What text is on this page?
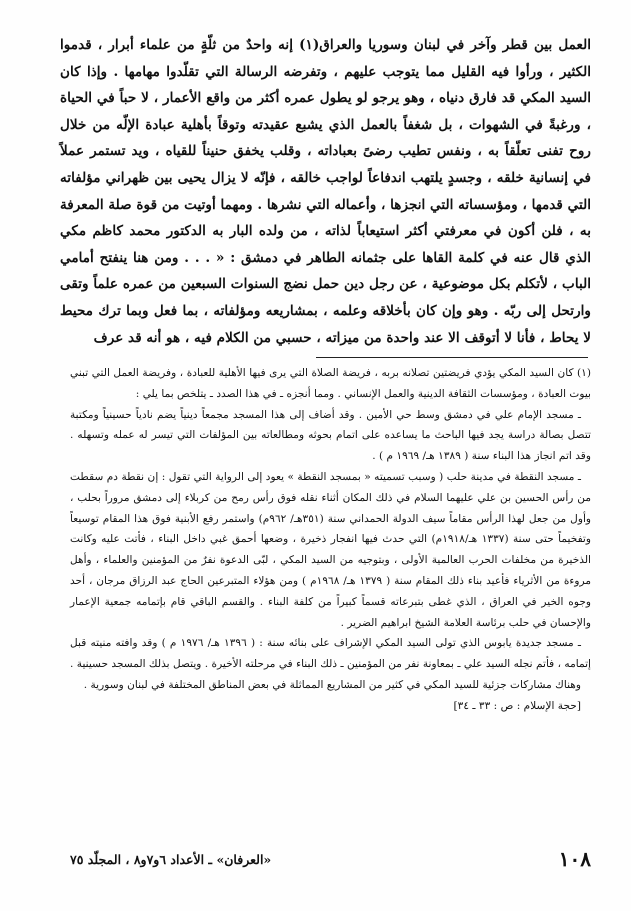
العمل بين قطر وآخر في لبنان وسوريا والعراق(١) إنه واحدٌ من ثلّةٍ من علماء أبرار ، قدموا الكثير ، ورأوا فيه القليل مما يتوجب عليهم ، وتفرضه الرسالة التي تقلّدوا مهامها . وإذا كان السيد المكي قد فارق دنياه ، وهو يرجو لو يطول عمره أكثر من واقع الأعمار ، لا حباً في الحياة ، ورغبةً في الشهوات ، بل شغفاً بالعمل الذي يشبع عقيدته وتوقاً بأهلية عبادة الإلّه من خلال روح تفنى تعلّقاً به ، ونفس تطيب رضىً بعباداته ، وقلب يخفق حنيناً للقياه ، ويد تستمر عملاً في إنسانية خلقه ، وجسدٍ يلتهب اندفاعاً لواجب خالقه ، فإنّه لا يزال يحيى بين ظهراني مؤلفاته التي قدمها ، ومؤسساته التي انجزها ، وأعماله التي نشرها . ومهما أوتيت من قوة صلة المعرفة به ، فلن أكون في معرفتي أكثر استيعاباً لذاته ، من ولده البار به الدكتور محمد كاظم مكي الذي قال عنه في كلمة القاها على جثمانه الطاهر في دمشق : « . . . ومن هنا ينفتح أمامي الباب ، لأتكلم بكل موضوعية ، عن رجل دين حمل نضج السنوات السبعين من عمره علماً وتقى وارتحل إلى ربّه . وهو وإن كان بأخلاقه وعلمه ، بمشاريعه ومؤلفاته ، بما فعل وبما ترك محيط لا يحاط ، فأنا لا أتوقف الا عند واحدة من ميزاته ، حسبي من الكلام فيه ، هو أنه قد عرف

(١) كان السيد المكي يؤدي فريضتين تصلانه بربه ، فريضة الصلاة التي يرى فيها الأهلية للعبادة ، وفريضة العمل التي تبني بيوت العبادة ، ومؤسسات الثقافة الدينية والعمل الإنساني . ومما أنجزه ـ في هذا الصدد ـ يتلخص بما يلي :

ـ مسجد الإمام علي في دمشق وسط حي الأمين . وقد أضاف إلى هذا المسجد مجمعاً دينياً يضم نادياً حسينياً ومكتبة تتصل بصالة دراسة يجد فيها الباحث ما يساعده على اتمام بحوثه ومطالعاته بين المؤلفات التي تيسر له عمله وتسهله . وقد اتم انجاز هذا البناء سنة ( ١٣٨٩ هـ/ ١٩٦٩ م ) .

ـ مسجد النقطة في مدينة حلب ( وسبب تسميته « بمسجد النقطة » يعود إلى الرواية التي تقول : إن نقطة دم سقطت من رأس الحسين بن علي عليهما السلام في ذلك المكان أثناء نقله فوق رأس رمح من كربلاء إلى دمشق مروراً بحلب ، وأول من جعل لهذا الرأس مقاماً سيف الدولة الحمداني سنة (٣٥١هـ/ ٩٦٢م) واستمر رفع الأبنية فوق هذا المقام توسيعاً وتفخيماً حتى سنة (١٣٣٧ هـ/١٩١٨م) التي حدث فيها انفجار ذخيرة ، وضعها أحمق غبي داخل البناء ، فأتت عليه وكانت الذخيرة من مخلفات الحرب العالمية الأولى ، وبتوجيه من السيد المكي ، لبّى الدعوة نفرٌ من المؤمنين والعلماء ، وأهل مروءة من الأثرياء فأعيد بناء ذلك المقام سنة ( ١٣٧٩ هـ/ ١٩٦٨م ) ومن هؤلاء المتبرعين الحاج عبد الرزاق مرجان ، أحد وجوه الخير في العراق ، الذي غطى بتبرعاته قسماً كبيراً من كلفة البناء . والقسم الباقي قام بإتمامه جمعية الإعمار والإحسان في حلب برئاسة العلامة الشيخ ابراهيم الضرير .

ـ مسجد جديدة يابوس الذي تولى السيد المكي الإشراف على بنائه سنة : ( ١٣٩٦ هـ/ ١٩٧٦ م ) وقد وافته منيته قبل إتمامه ، فأتم نجله السيد علي ـ بمعاونة نفر من المؤمنين ـ ذلك البناء في مرحلته الأخيرة . ويتصل بذلك المسجد حسينية .

وهناك مشاركات جزئية للسيد المكي في كثير من المشاريع المماثلة في بعض المناطق المختلفة في لبنان وسورية .

[حجة الإسلام : ص : ٣٣ ـ ٣٤]

١٠٨
«العرفان» ـ الأعداد ٦و٧و٨ ، المجلّد ٧٥
